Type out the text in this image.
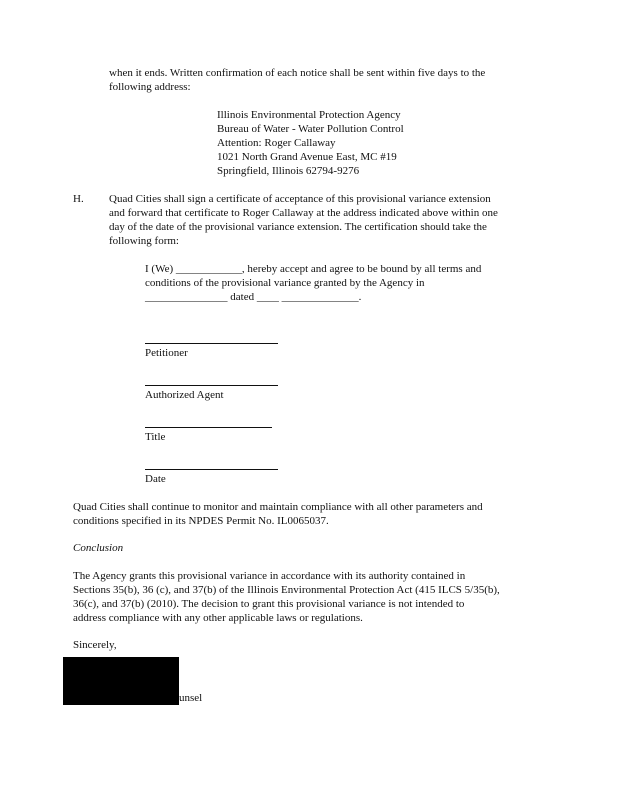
when it ends. Written confirmation of each notice shall be sent within five days to the

following address:

Illinois Environmental Protection Agency

Bureau of Water - Water Pollution Control

Attention: Roger Callaway

1021 North Grand Avenue East, MC #19

Springfield, Illinois 62794-9276

H. Quad Cities shall sign a certificate of acceptance of this provisional variance extension

and forward that certificate to Roger Callaway at the address indicated above within one

day of the date of the provisional variance extension. The certification should take the

following form:

I (We) ____________, hereby accept and agree to be bound by all terms and

conditions of the provisional variance granted by the Agency in

_______________ dated ____ ______________.

Petitioner

Authorized Agent

Title

Date

Quad Cities shall continue to monitor and maintain compliance with all other parameters and

conditions specified in its NPDES Permit No. IL0065037.

Conclusion

The Agency grants this provisional variance in accordance with its authority contained in

Sections 35(b), 36 (c), and 37(b) of the Illinois Environmental Protection Act (415 ILCS 5/35(b),

36(c), and 37(b) (2010). The decision to grant this provisional variance is not intended to

address compliance with any other applicable laws or regulations.

Sincerely,

unsel
